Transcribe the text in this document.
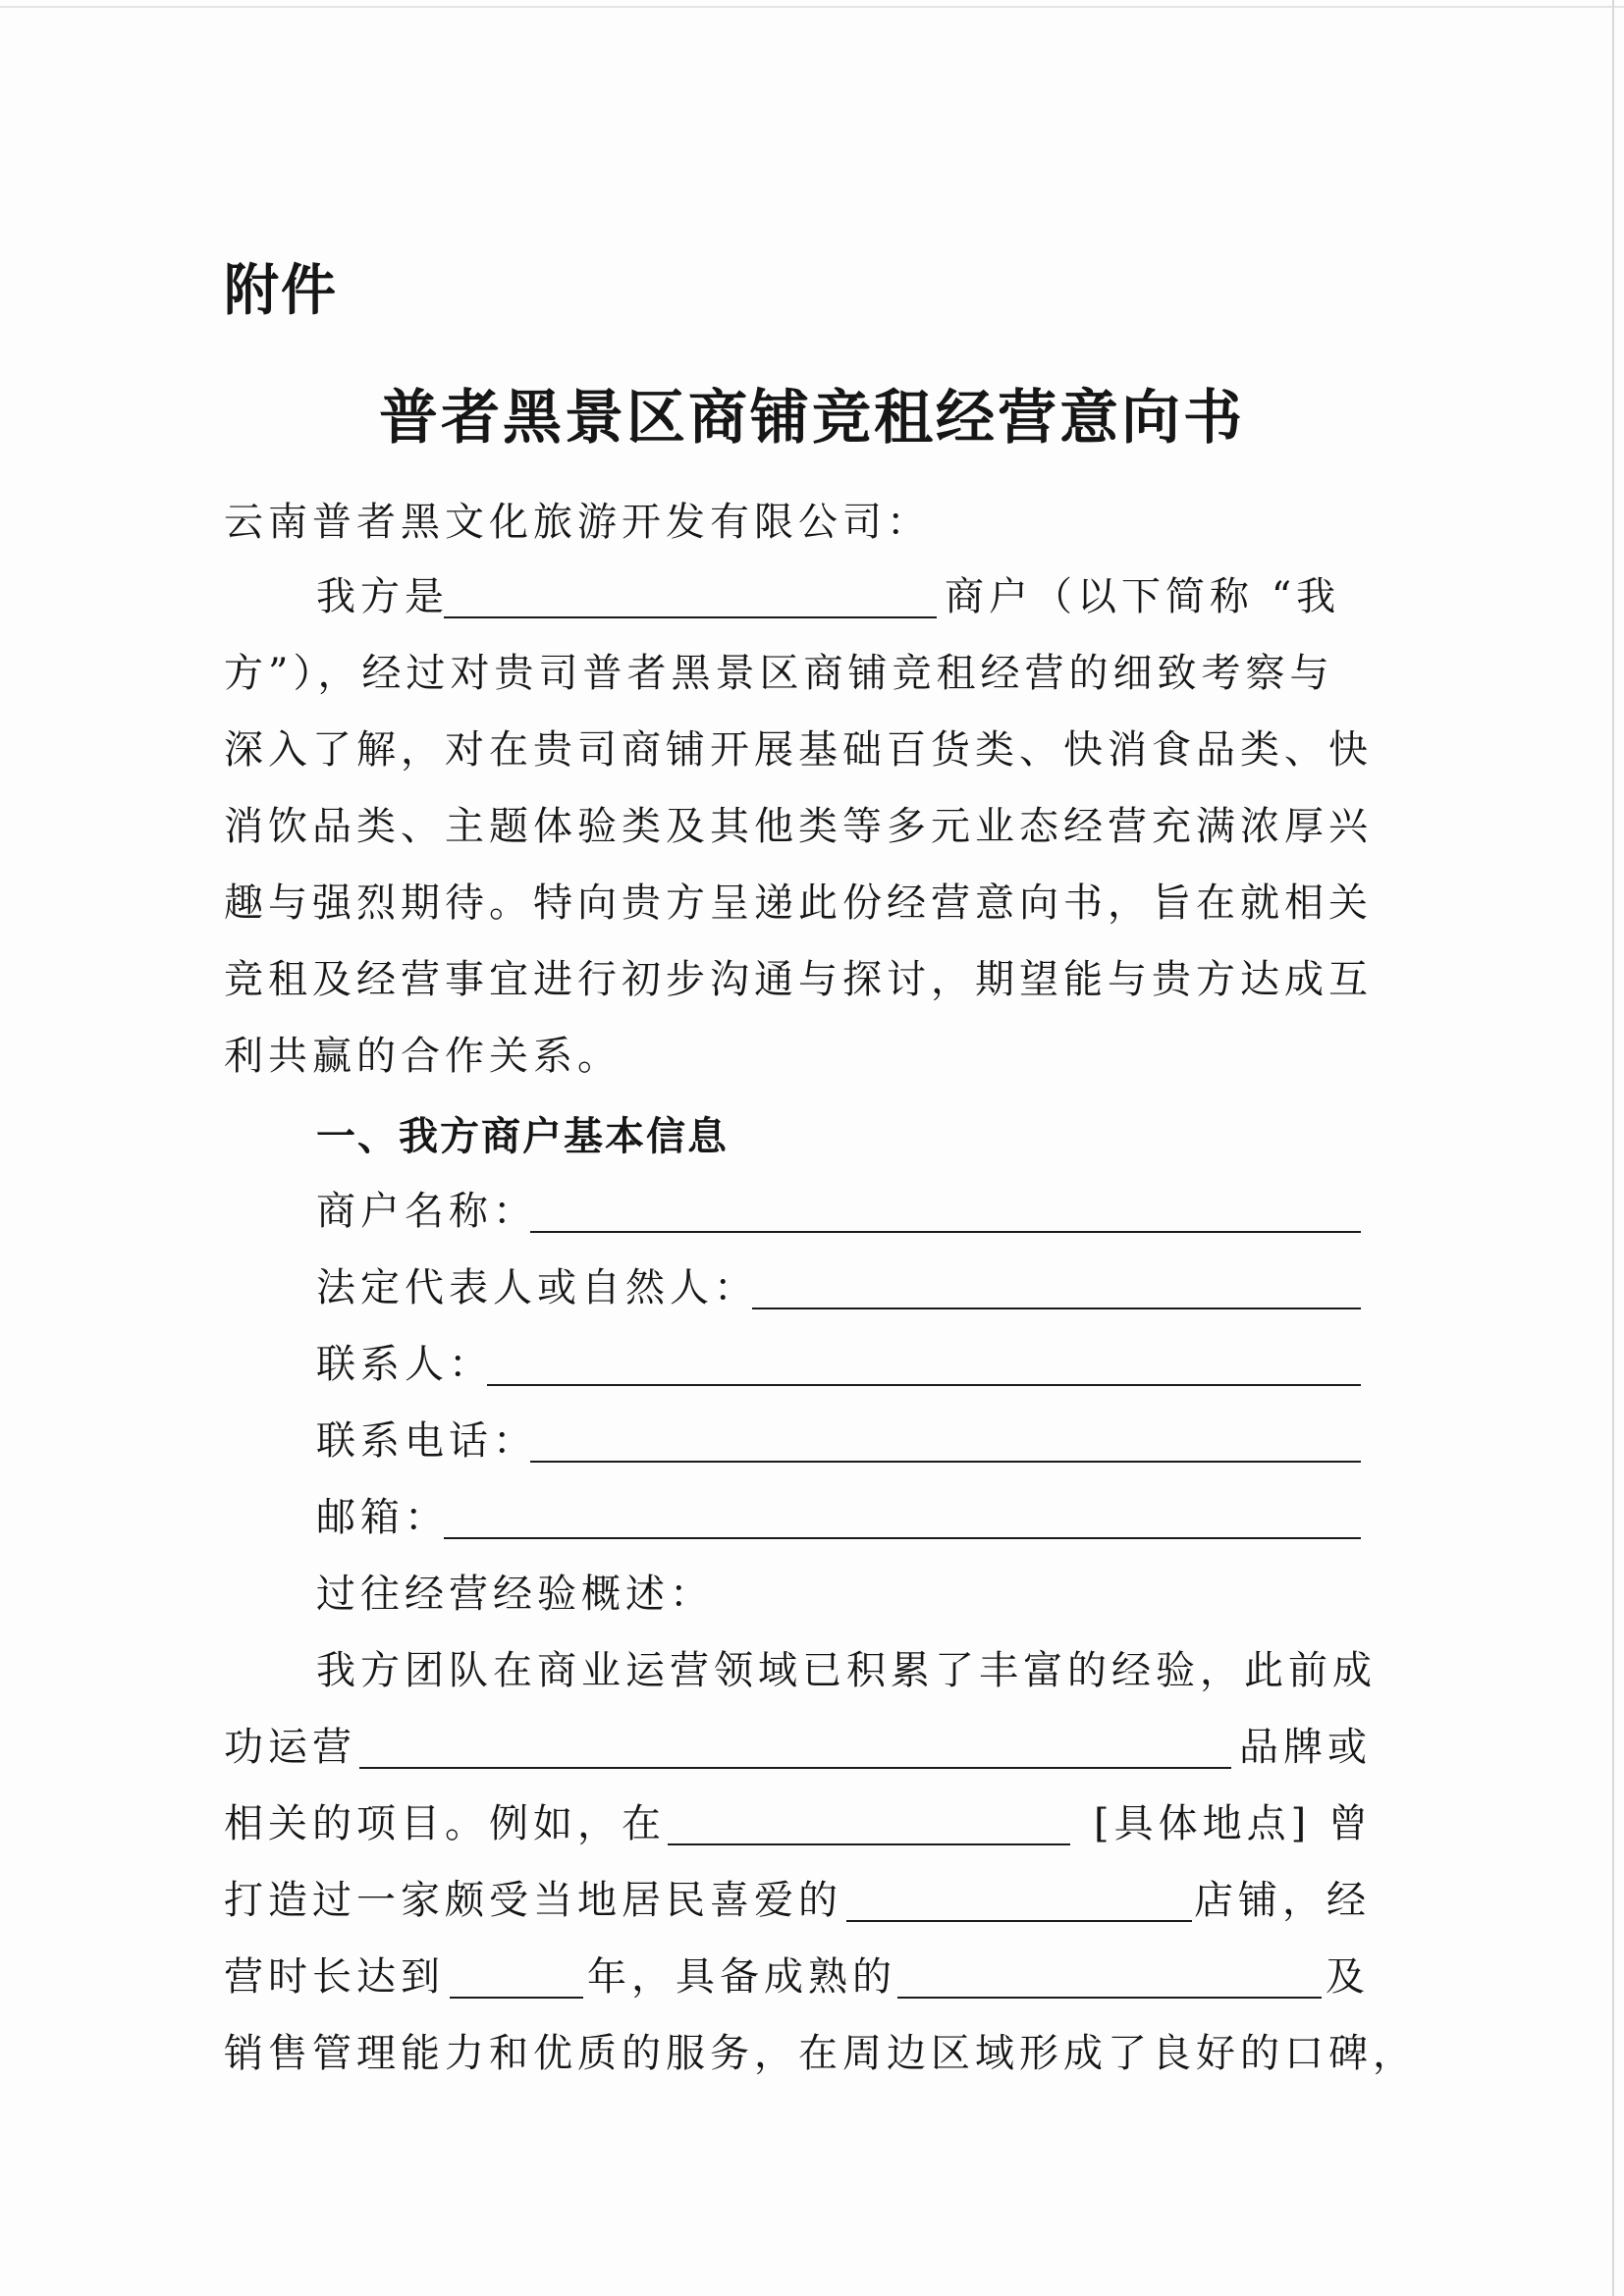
附件
普者黑景区商铺竞租经营意向书
云南普者黑文化旅游开发有限公司：
我方是	商户（以下简称 “我
方”），经过对贵司普者黑景区商铺竞租经营的细致考察与
深入了解，对在贵司商铺开展基础百货类、快消食品类、快
消饮品类、主题体验类及其他类等多元业态经营充满浓厚兴
趣与强烈期待。特向贵方呈递此份经营意向书，旨在就相关
竞租及经营事宜进行初步沟通与探讨，期望能与贵方达成互
利共赢的合作关系。
一、我方商户基本信息
商户名称：
法定代表人或自然人：
联系人：
联系电话：
邮箱：
过往经营经验概述：
我方团队在商业运营领域已积累了丰富的经验，此前成
功运营	品牌或
相关的项目。例如，在	[具体地点] 曾
打造过一家颇受当地居民喜爱的	店铺，经
营时长达到	年，具备成熟的	及
销售管理能力和优质的服务，在周边区域形成了良好的口碑，
